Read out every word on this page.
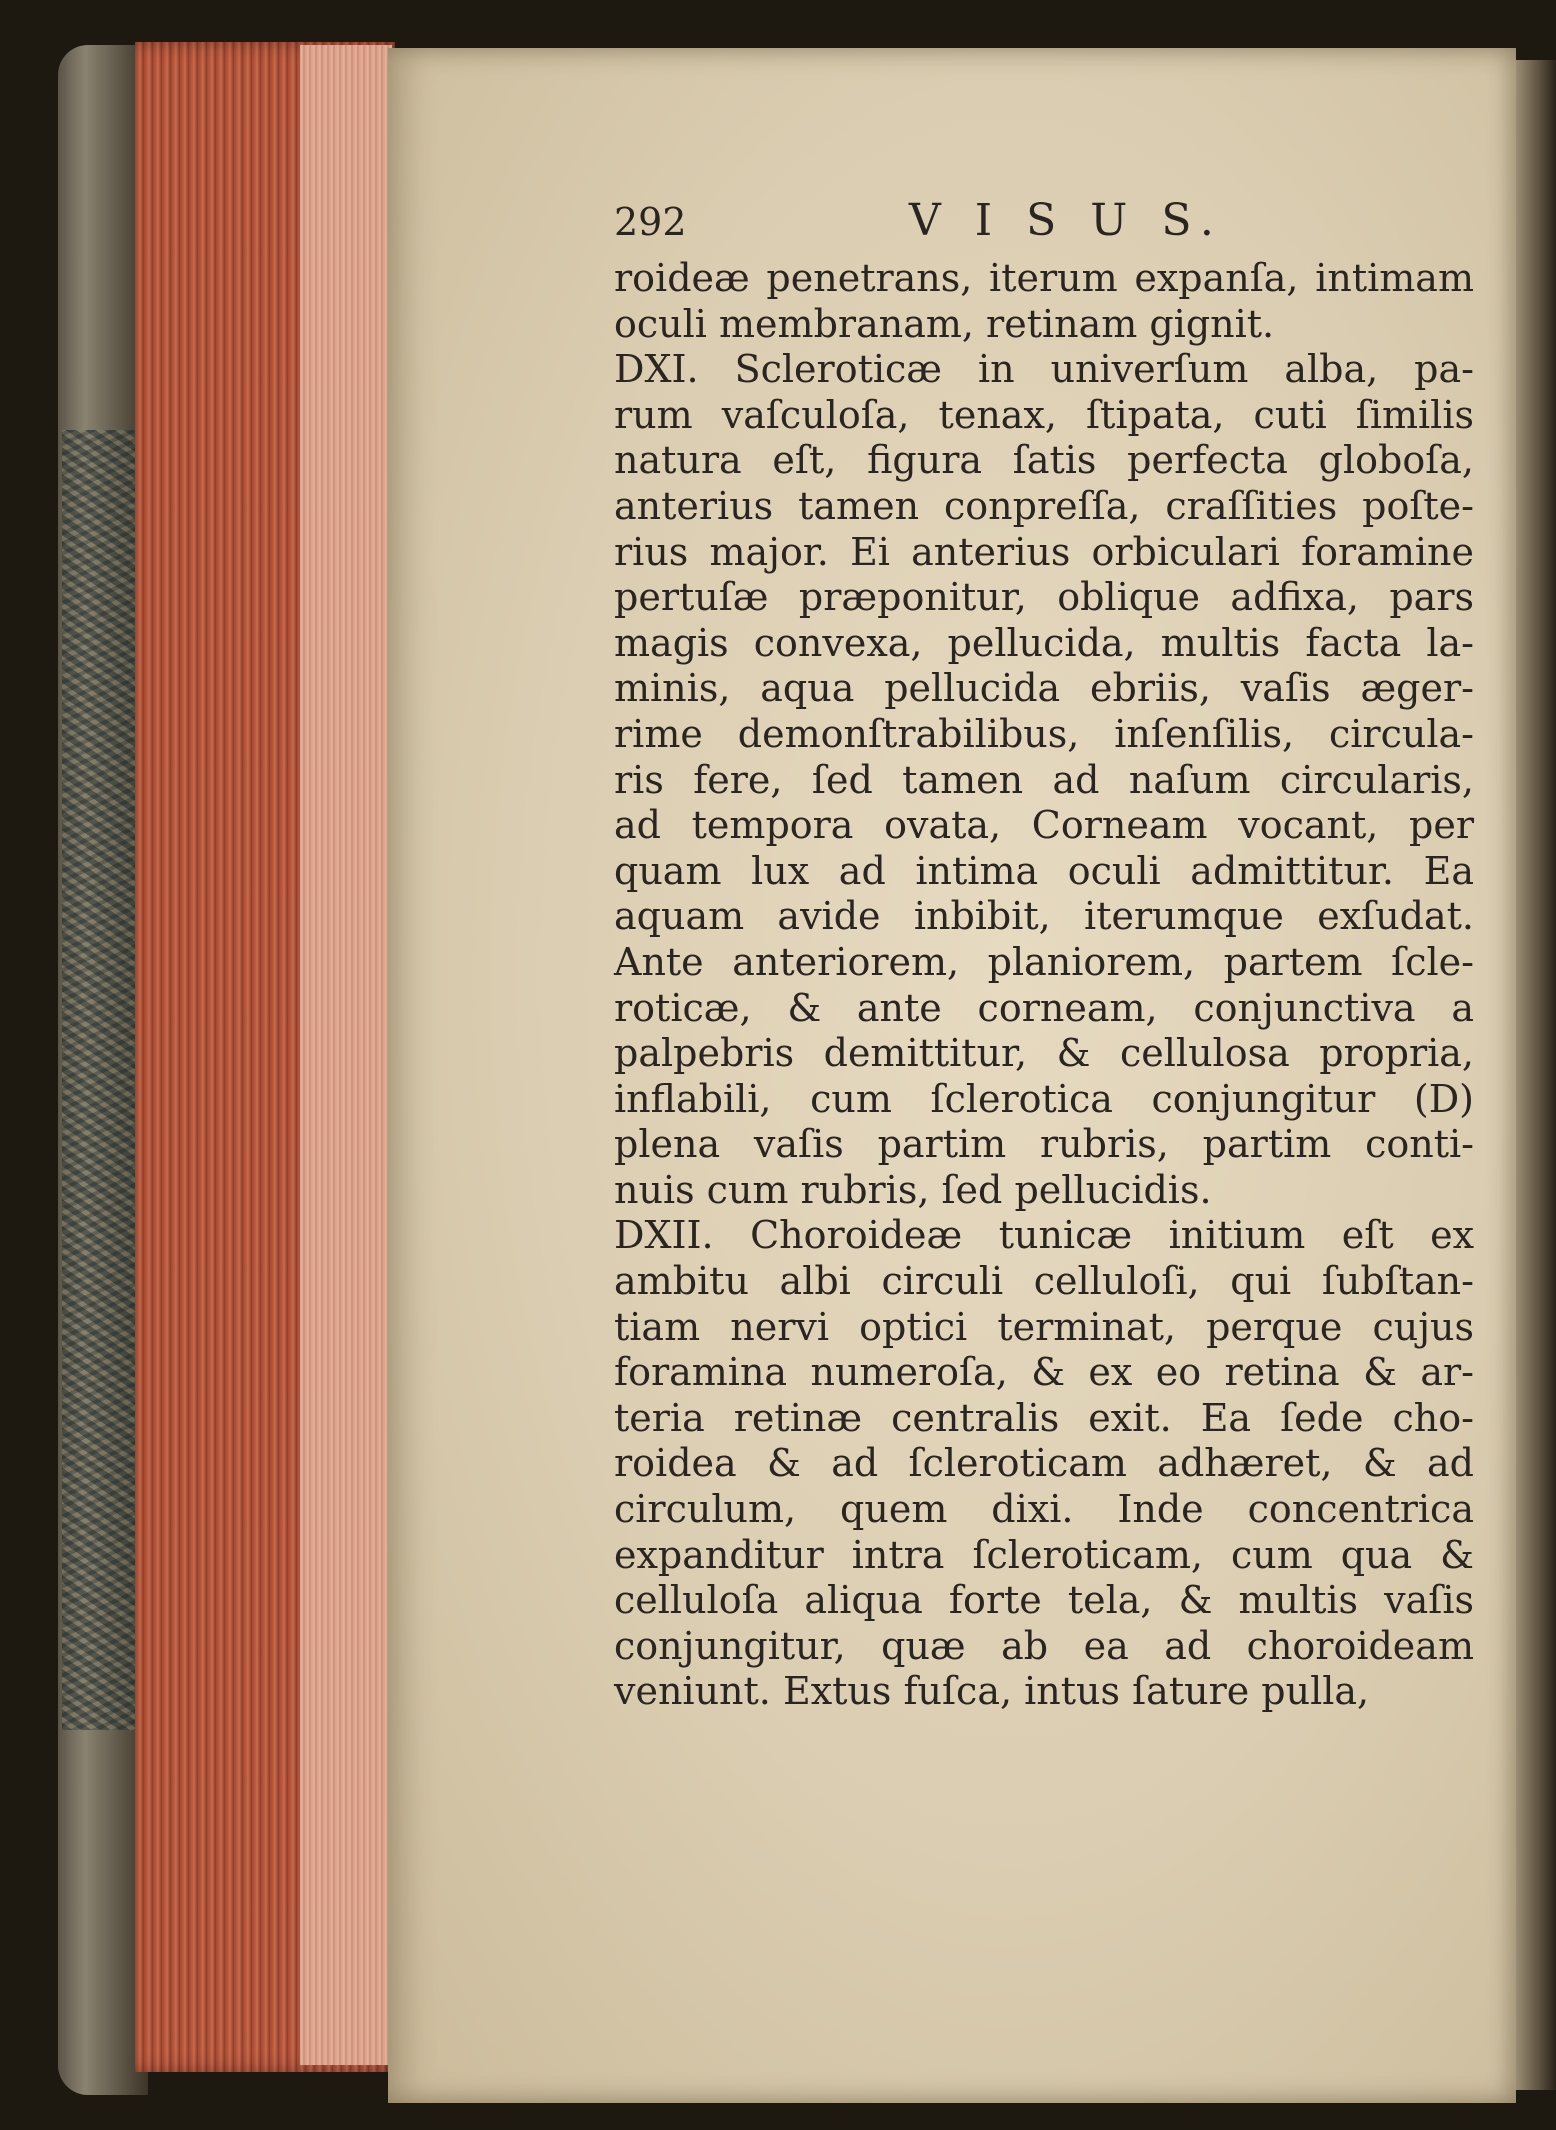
292	V I S U S.
roideæ penetrans, iterum expanſa, intimam
oculi membranam, retinam gignit.
DXI. Scleroticæ in univerſum alba, pa-
rum vaſculoſa, tenax, ſtipata, cuti ſimilis
natura eſt, figura ſatis perfecta globoſa,
anterius tamen conpreſſa, craſſities poſte-
rius major. Ei anterius orbiculari foramine
pertuſæ præponitur, oblique adfixa, pars
magis convexa, pellucida, multis facta la-
minis, aqua pellucida ebriis, vaſis æger-
rime demonſtrabilibus, inſenſilis, circula-
ris fere, ſed tamen ad naſum circularis,
ad tempora ovata, Corneam vocant, per
quam lux ad intima oculi admittitur. Ea
aquam avide inbibit, iterumque exſudat.
Ante anteriorem, planiorem, partem ſcle-
roticæ, & ante corneam, conjunctiva a
palpebris demittitur, & cellulosa propria,
inflabili, cum ſclerotica conjungitur (D)
plena vaſis partim rubris, partim conti-
nuis cum rubris, ſed pellucidis.
DXII. Choroideæ tunicæ initium eſt ex
ambitu albi circuli celluloſi, qui ſubſtan-
tiam nervi optici terminat, perque cujus
foramina numeroſa, & ex eo retina & ar-
teria retinæ centralis exit. Ea ſede cho-
roidea & ad ſcleroticam adhæret, & ad
circulum, quem dixi. Inde concentrica
expanditur intra ſcleroticam, cum qua &
celluloſa aliqua forte tela, & multis vaſis
conjungitur, quæ ab ea ad choroideam
veniunt. Extus fuſca, intus ſature pulla,
